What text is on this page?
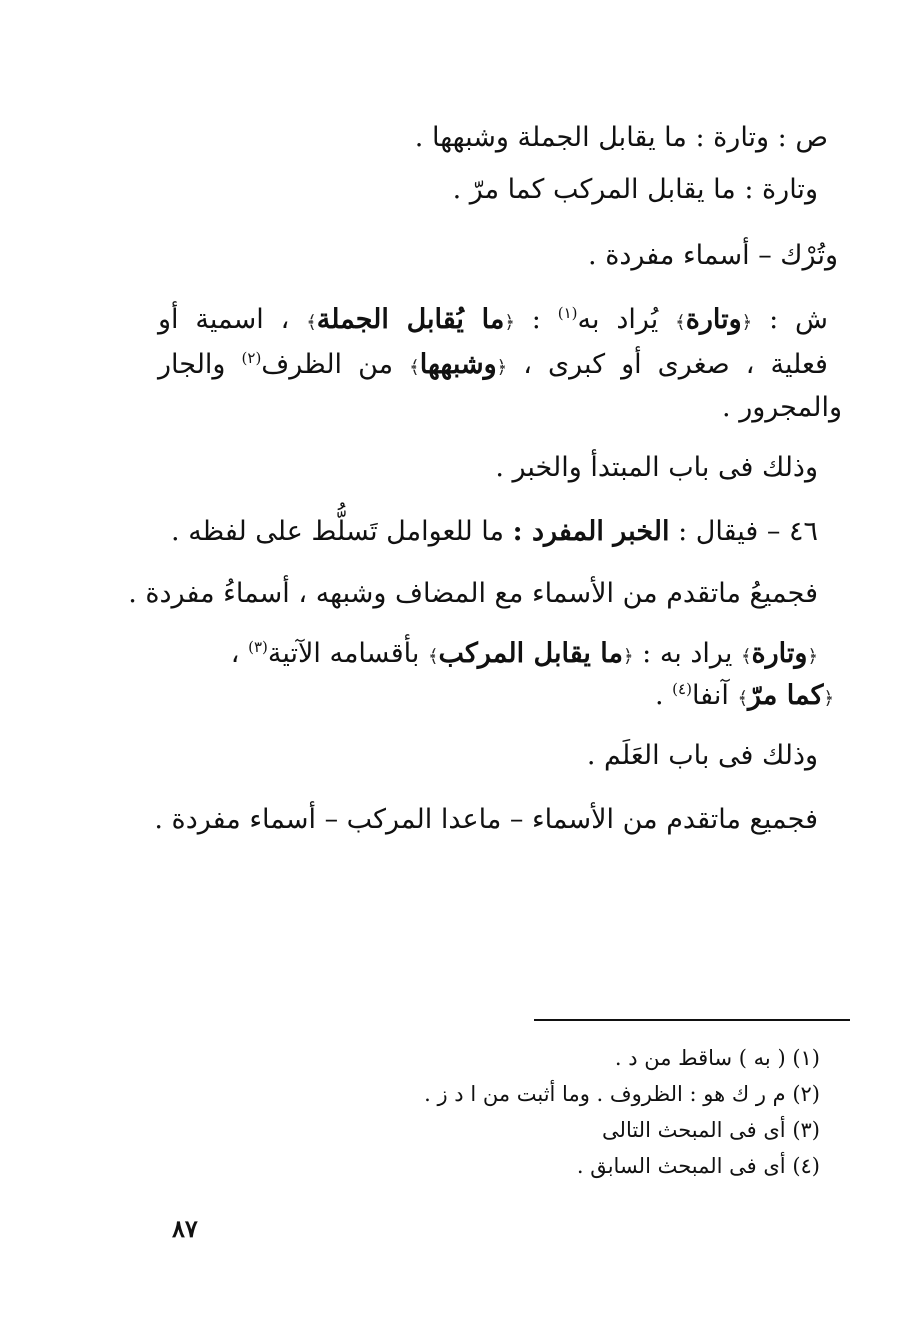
ص : وتارة : ما يقابل الجملة وشبهها .
وتارة : ما يقابل المركب كما مرّ .
وتُرْك – أسماء مفردة .
ش : ﴿وتارة﴾ يُراد به$^{(١)}$ : ﴿ما يُقابل الجملة﴾ ، اسمية أو
فعلية ، صغرى أو كبرى ، ﴿وشبهها﴾ من الظرف$^{(٢)}$ والجار
والمجرور .
وذلك فى باب المبتدأ والخبر .
٤٦ – فيقال : الخبر المفرد : ما للعوامل تَسلُّط على لفظه .
فجميعُ ماتقدم من الأسماء مع المضاف وشبهه ، أسماءُ مفردة .
﴿وتارة﴾ يراد به : ﴿ما يقابل المركب﴾ بأقسامه الآتية$^{(٣)}$ ،
﴿كما مرّ﴾ آنفا$^{(٤)}$ .
وذلك فى باب العَلَم .
فجميع ماتقدم من الأسماء – ماعدا المركب – أسماء مفردة .
(١) ( به ) ساقط من د .
(٢) م ر ك هو : الظروف . وما أثبت من ا د ز .
(٣) أى فى المبحث التالى
(٤) أى فى المبحث السابق .
٨٧
